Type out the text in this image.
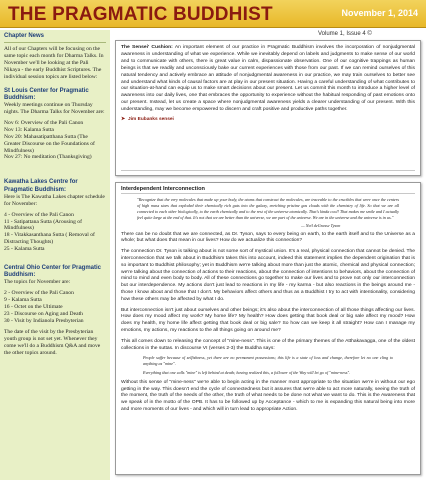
THE PRAGMATIC BUDDHIST	November 1, 2014
Chapter News
All of our Chapters will be focusing on the same topic each month for Dharma Talks. In November we'll be looking at the Pali Nikaya - the early Buddhist Scriptures. The individual session topics are listed below:
St Louis Center for Pragmatic Buddhism:
Weekly meetings continue on Thursday nights. The Dharma Talks for November are:
Nov 6: Overview of the Pali Canon
Nov 13: Kalama Sutta
Nov 20: Mahasatipatthana Sutta (The Greater Discourse on the Foundations of Mindfulness)
Nov 27: No meditation (Thanksgiving)
Kawatha Lakes Centre for Pragmatic Buddhism:
Here is The Kawatha Lakes chapter schedule for November:
4 - Overview of the Pali Canon
11 - Satipattana Sutta (Arousing of Mindfulness)
18 - Vitakkasanthana Sutta ( Removal of Distracting Thoughts)
25 - Kalama Sutta
Central Ohio Center for Pragmatic Buddhism:
The topics for November are:
2 - Overview of the Pali Canon
9 - Kalama Sutta
16 - Octet on the Ultimate
23 - Discourse on Aging and Death
30 - Visit by Indianola Presbyterian
The date of the visit by the Presbyterian youth group is not set yet. Whenever they come we'll do a Buddhism Q&A and move the other topics around.
Volume 1, Issue 4 ©
The Sensei' Cushion: An important element of our practice in Pragmatic Buddhism involves the incorporation of nonjudgmental awareness in understanding of what we experience. While we inevitably depend on labels and judgments to make sense of our world and to communicate with others, there is great value in calm, dispassionate observation. One of our cognitive trappings as human beings is that we readily and unconsciously bake our current experiences with those from our past. If we can remind ourselves of this natural tendency and actively embrace an attitude of nonjudgmental awareness in our practice, we may train ourselves to better see and understand what kinds of causal factors are at play in our present situation. Having a careful understanding of what contributes to our situation-at-hand can equip us to make smart decisions about our present. Let us commit this month to introduce a higher level of awareness into our daily lives, one that embraces the opportunity to experience without the habitual responding of past emotions onto our present. Instead, let us create a space where nonjudgmental awareness yields a clearer understanding of our present. With this understanding, may we become empowered to discern and craft positive and productive paths together.
➤ Jim Eubanks sensei
Interdependent Interconnection
"Recognize that the very molecules that make up your body, the atoms that construct the molecules, are traceable to the crucibles that were once the centers of high mass stars that exploded their chemically rich guts into the galaxy, enriching pristine gas clouds with the chemistry of life. So that we are all connected to each other biologically, to the earth chemically and to the rest of the universe atomically. That's kinda cool! That makes me smile and I actually feel quite large at the end of that. It's not that we are better than the universe, we are part of the universe. We are in the universe and the universe is in us."
— Neil deGrasse Tyson
There can be no doubt that we are connected, as Dr. Tyson, says to every being on earth, to the earth itself and to the Universe as a whole; but what does that mean in our lives? How do we actualize this connection?
The connection Dr. Tyson is talking about is not some sort of mystical union. It's a real, physical connection that cannot be denied. The interconnection that we talk about in Buddhism takes this into account, indeed this statement implies the dependent origination that is so important to Buddhist philosophy; yet in Buddhism we're talking about more than just the atomic, chemical and physical connection; we're talking about the connection of actions to their reactions, about the connection of intentions to behaviors, about the connection of mind to mind and even body to body. All of these connections go together to make our lives and to prove not only our interconnection but our interdependence. My actions don't just lead to reactions in my life - my karma - but also reactions in the beings around me - those I know about and those that I don't. My behaviors affect others and thus as a Buddhist I try to act with intentionality, considering how these others may be affected by what I do.
But interconnection isn't just about ourselves and other beings; it's also about the interconnection of all those things affecting our lives. How does my mood affect my work? My home life? My health? How does getting that book deal or big sale affect my mood? How does my health, my home life affect getting that book deal or big sale? So how can we keep it all straight? How can I manage my emotions, my actions, my reactions to the all things going on around me?
This all comes down to releasing the concept of "mine-ness". This is one of the primary themes of the Atthakavagga, one of the oldest collections in the suttas. In discourse VI (verses 2-3) the Buddha says:
People suffer because of selfishness, yet there are no permanent possessions; this life is a state of loss and change, therefore let no one cling to anything as "mine".
Everything that one calls "mine" is left behind at death; having realized this, a follower of the Way will let go of "mine-ness".
Without this sense of "mine-ness" we're able to begin acting in the manner most appropriate to the situation we're in without our ego getting in the way. This doesn't end the cycle of connectedness but it assures that we're able to act more naturally, seeing the truth of the moment, the truth of the needs of the other, the truth of what needs to be done not what we want to do. This is the Awareness that we speak of in the motto of the OPB. It has to be followed up by Acceptance - which to me is expanding this natural being into more and more moments of our lives - and which will in turn lead to appropriate Action.
